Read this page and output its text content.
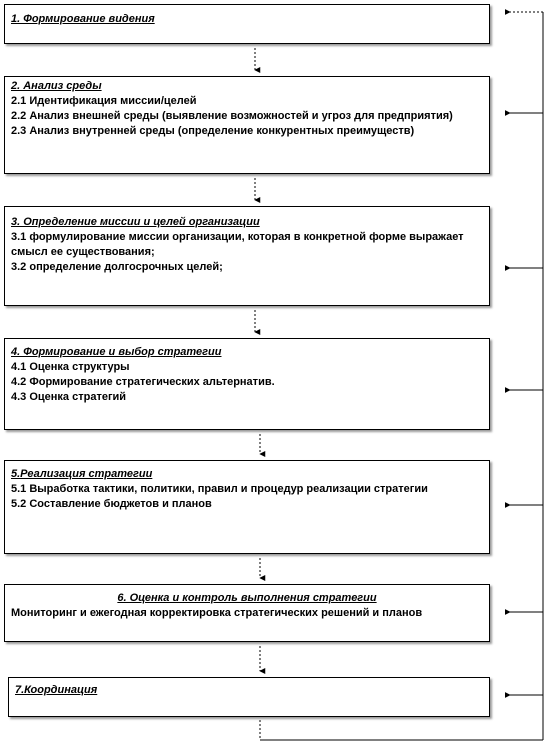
1. Формирование видения
2. Анализ среды
2.1 Идентификация миссии/целей
2.2 Анализ внешней среды (выявление возможностей и угроз для предприятия)
2.3 Анализ внутренней среды (определение конкурентных преимуществ)
3. Определение миссии и целей организации
3.1 формулирование миссии организации, которая в конкретной форме выражает смысл ее существования;
3.2 определение долгосрочных целей;
4. Формирование и выбор стратегии
4.1 Оценка структуры
4.2 Формирование стратегических альтернатив.
4.3 Оценка стратегий
5.Реализация стратегии
5.1 Выработка тактики, политики, правил и процедур реализации стратегии
5.2 Составление бюджетов и планов
6. Оценка и контроль выполнения стратегии
Мониторинг и ежегодная корректировка стратегических решений и планов
7.Координация
